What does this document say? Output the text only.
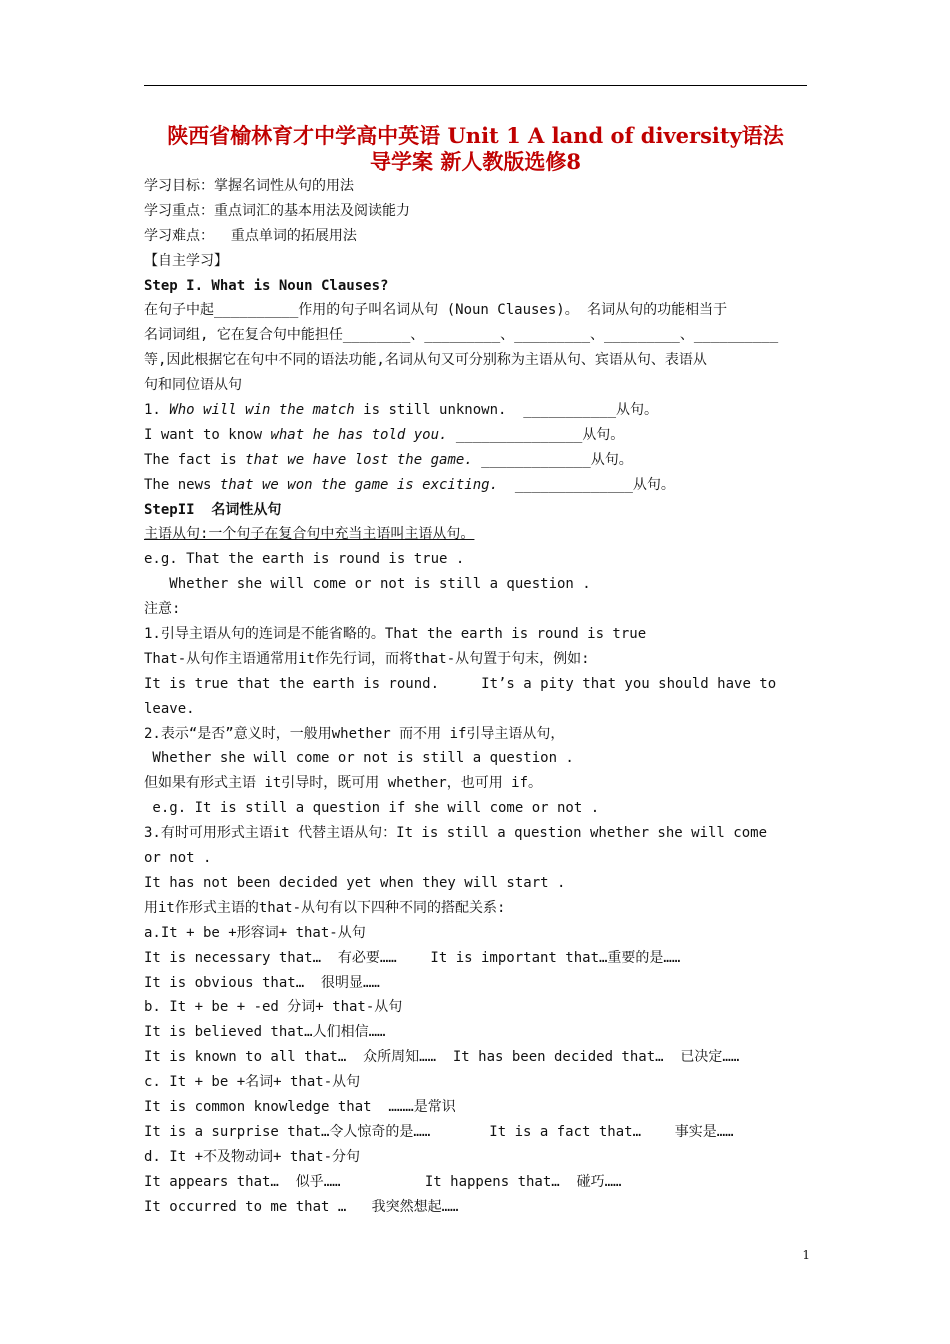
陕西省榆林育才中学高中英语 Unit 1 A land of diversity语法
导学案 新人教版选修8
学习目标：掌握名词性从句的用法
学习重点：重点词汇的基本用法及阅读能力
学习难点：  重点单词的拓展用法
【自主学习】
Step I. What is Noun Clauses?
在句子中起__________作用的句子叫名词从句 (Noun Clauses)。 名词从句的功能相当于
名词词组, 它在复合句中能担任________、_________、_________、_________、__________
等,因此根据它在句中不同的语法功能,名词从句又可分别称为主语从句、宾语从句、表语从
句和同位语从句
1. Who will win the match is still unknown.  ___________从句。
I want to know what he has told you. _______________从句。
The fact is that we have lost the game. _____________从句。
The news that we won the game is exciting.  ______________从句。
StepII  名词性从句
主语从句:一个句子在复合句中充当主语叫主语从句。
e.g. That the earth is round is true .
Whether she will come or not is still a question .
注意:
1.引导主语从句的连词是不能省略的。That the earth is round is true
That-从句作主语通常用it作先行词，而将that-从句置于句末，例如:
It is true that the earth is round.     It’s a pity that you should have to
leave.
2.表示“是否”意义时，一般用whether 而不用 if引导主语从句，
Whether she will come or not is still a question .
但如果有形式主语 it引导时，既可用 whether，也可用 if。
e.g. It is still a question if she will come or not .
3.有时可用形式主语it 代替主语从句：It is still a question whether she will come
or not .
It has not been decided yet when they will start .
用it作形式主语的that-从句有以下四种不同的搭配关系:
a.It + be +形容词+ that-从句
It is necessary that…  有必要……    It is important that…重要的是……
It is obvious that…  很明显……
b. It + be + -ed 分词+ that-从句
It is believed that…人们相信……
It is known to all that…  众所周知……  It has been decided that…  已决定……
c. It + be +名词+ that-从句
It is common knowledge that  ………是常识
It is a surprise that…令人惊奇的是……       It is a fact that…    事实是……
d. It +不及物动词+ that-分句
It appears that…  似乎……          It happens that…  碰巧……
It occurred to me that …   我突然想起……
1
